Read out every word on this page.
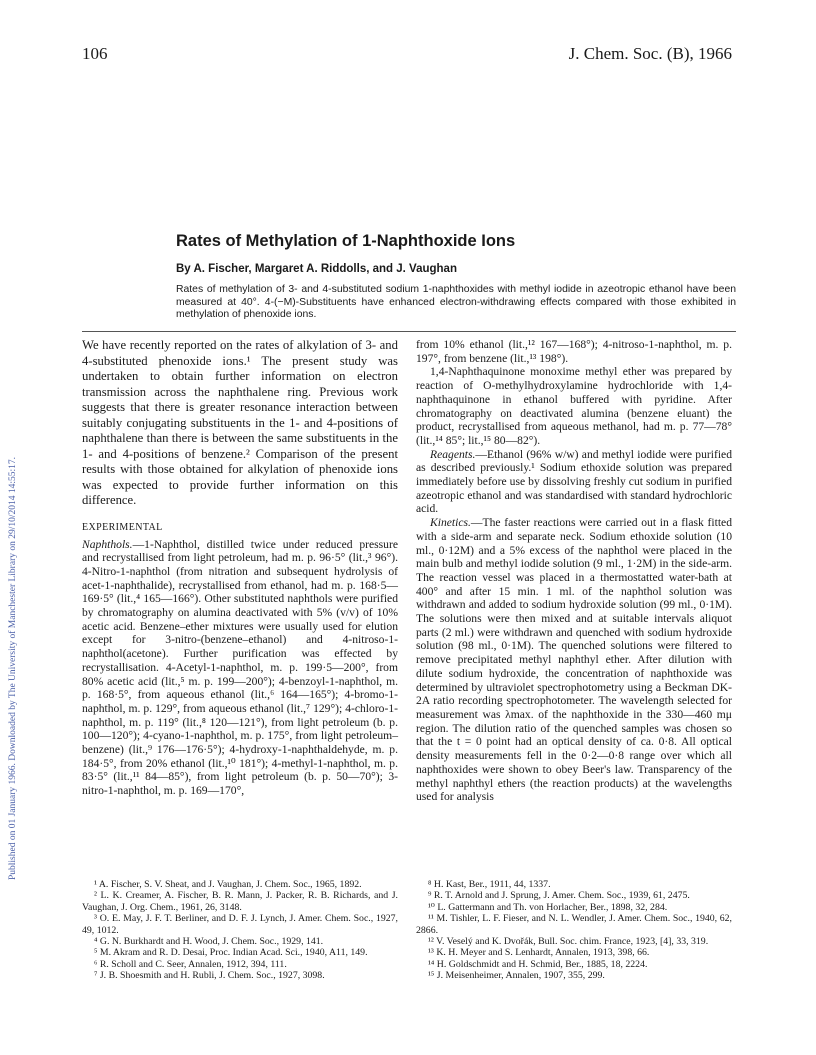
Published on 01 January 1966. Downloaded by The University of Manchester Library on 29/10/2014 14:55:17.
106	J. Chem. Soc. (B), 1966
Rates of Methylation of 1-Naphthoxide Ions
By A. Fischer, Margaret A. Riddolls, and J. Vaughan
Rates of methylation of 3- and 4-substituted sodium 1-naphthoxides with methyl iodide in azeotropic ethanol have been measured at 40°. 4-(−M)-Substituents have enhanced electron-withdrawing effects compared with those exhibited in methylation of phenoxide ions.

We have recently reported on the rates of alkylation of 3- and 4-substituted phenoxide ions.¹ The present study was undertaken to obtain further information on electron transmission across the naphthalene ring. Previous work suggests that there is greater resonance interaction between suitably conjugating substituents in the 1- and 4-positions of naphthalene than there is between the same substituents in the 1- and 4-positions of benzene.² Comparison of the present results with those obtained for alkylation of phenoxide ions was expected to provide further information on this difference.

EXPERIMENTAL

Naphthols.—1-Naphthol, distilled twice under reduced pressure and recrystallised from light petroleum, had m. p. 96·5° (lit.,³ 96°). 4-Nitro-1-naphthol (from nitration and subsequent hydrolysis of acet-1-naphthalide), recrystallised from ethanol, had m. p. 168·5—169·5° (lit.,⁴ 165—166°). Other substituted naphthols were purified by chromatography on alumina deactivated with 5% (v/v) of 10% acetic acid. Benzene–ether mixtures were usually used for elution except for 3-nitro-(benzene–ethanol) and 4-nitroso-1-naphthol(acetone). Further purification was effected by recrystallisation. 4-Acetyl-1-naphthol, m. p. 199·5—200°, from 80% acetic acid (lit.,⁵ m. p. 199—200°); 4-benzoyl-1-naphthol, m. p. 168·5°, from aqueous ethanol (lit.,⁶ 164—165°); 4-bromo-1-naphthol, m. p. 129°, from aqueous ethanol (lit.,⁷ 129°); 4-chloro-1-naphthol, m. p. 119° (lit.,⁸ 120—121°), from light petroleum (b. p. 100—120°); 4-cyano-1-naphthol, m. p. 175°, from light petroleum–benzene) (lit.,⁹ 176—176·5°); 4-hydroxy-1-naphthaldehyde, m. p. 184·5°, from 20% ethanol (lit.,¹⁰ 181°); 4-methyl-1-naphthol, m. p. 83·5° (lit.,¹¹ 84—85°), from light petroleum (b. p. 50—70°); 3-nitro-1-naphthol, m. p. 169—170°,

from 10% ethanol (lit.,¹² 167—168°); 4-nitroso-1-naphthol, m. p. 197°, from benzene (lit.,¹³ 198°).

1,4-Naphthaquinone monoxime methyl ether was prepared by reaction of O-methylhydroxylamine hydrochloride with 1,4-naphthaquinone in ethanol buffered with pyridine. After chromatography on deactivated alumina (benzene eluant) the product, recrystallised from aqueous methanol, had m. p. 77—78° (lit.,¹⁴ 85°; lit.,¹⁵ 80—82°).

Reagents.—Ethanol (96% w/w) and methyl iodide were purified as described previously.¹ Sodium ethoxide solution was prepared immediately before use by dissolving freshly cut sodium in purified azeotropic ethanol and was standardised with standard hydrochloric acid.

Kinetics.—The faster reactions were carried out in a flask fitted with a side-arm and separate neck. Sodium ethoxide solution (10 ml., 0·12M) and a 5% excess of the naphthol were placed in the main bulb and methyl iodide solution (9 ml., 1·2M) in the side-arm. The reaction vessel was placed in a thermostatted water-bath at 400° and after 15 min. 1 ml. of the naphthol solution was withdrawn and added to sodium hydroxide solution (99 ml., 0·1M). The solutions were then mixed and at suitable intervals aliquot parts (2 ml.) were withdrawn and quenched with sodium hydroxide solution (98 ml., 0·1M). The quenched solutions were filtered to remove precipitated methyl naphthyl ether. After dilution with dilute sodium hydroxide, the concentration of naphthoxide was determined by ultraviolet spectrophotometry using a Beckman DK-2A ratio recording spectrophotometer. The wavelength selected for measurement was λmax. of the naphthoxide in the 330—460 mμ region. The dilution ratio of the quenched samples was chosen so that the t = 0 point had an optical density of ca. 0·8. All optical density measurements fell in the 0·2—0·8 range over which all naphthoxides were shown to obey Beer's law. Transparency of the methyl naphthyl ethers (the reaction products) at the wavelengths used for analysis

¹ A. Fischer, S. V. Sheat, and J. Vaughan, J. Chem. Soc., 1965, 1892.
² L. K. Creamer, A. Fischer, B. R. Mann, J. Packer, R. B. Richards, and J. Vaughan, J. Org. Chem., 1961, 26, 3148.
³ O. E. May, J. F. T. Berliner, and D. F. J. Lynch, J. Amer. Chem. Soc., 1927, 49, 1012.
⁴ G. N. Burkhardt and H. Wood, J. Chem. Soc., 1929, 141.
⁵ M. Akram and R. D. Desai, Proc. Indian Acad. Sci., 1940, A11, 149.
⁶ R. Scholl and C. Seer, Annalen, 1912, 394, 111.
⁷ J. B. Shoesmith and H. Rubli, J. Chem. Soc., 1927, 3098.
⁸ H. Kast, Ber., 1911, 44, 1337.
⁹ R. T. Arnold and J. Sprung, J. Amer. Chem. Soc., 1939, 61, 2475.
¹⁰ L. Gattermann and Th. von Horlacher, Ber., 1898, 32, 284.
¹¹ M. Tishler, L. F. Fieser, and N. L. Wendler, J. Amer. Chem. Soc., 1940, 62, 2866.
¹² V. Veselý and K. Dvořák, Bull. Soc. chim. France, 1923, [4], 33, 319.
¹³ K. H. Meyer and S. Lenhardt, Annalen, 1913, 398, 66.
¹⁴ H. Goldschmidt and H. Schmid, Ber., 1885, 18, 2224.
¹⁵ J. Meisenheimer, Annalen, 1907, 355, 299.
